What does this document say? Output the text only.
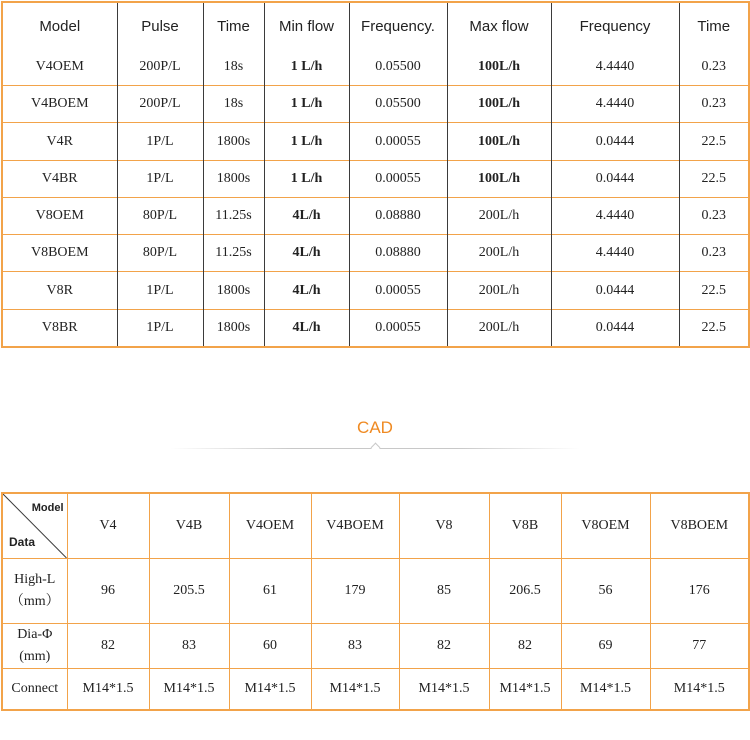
Model	Pulse	Time	Min flow	Frequency.	Max flow	Frequency	Time
V4OEM	200P/L	18s	1 L/h	0.05500	100L/h	4.4440	0.23
V4BOEM	200P/L	18s	1 L/h	0.05500	100L/h	4.4440	0.23
V4R	1P/L	1800s	1 L/h	0.00055	100L/h	0.0444	22.5
V4BR	1P/L	1800s	1 L/h	0.00055	100L/h	0.0444	22.5
V8OEM	80P/L	11.25s	4L/h	0.08880	200L/h	4.4440	0.23
V8BOEM	80P/L	11.25s	4L/h	0.08880	200L/h	4.4440	0.23
V8R	1P/L	1800s	4L/h	0.00055	200L/h	0.0444	22.5
V8BR	1P/L	1800s	4L/h	0.00055	200L/h	0.0444	22.5
CAD
Model
Data	V4	V4B	V4OEM	V4BOEM	V8	V8B	V8OEM	V8BOEM

High-L
（mm）	96	205.5	61	179	85	206.5	56	176

Dia-Φ
(mm)	82	83	60	83	82	82	69	77

Connect	M14*1.5	M14*1.5	M14*1.5	M14*1.5	M14*1.5	M14*1.5	M14*1.5	M14*1.5
